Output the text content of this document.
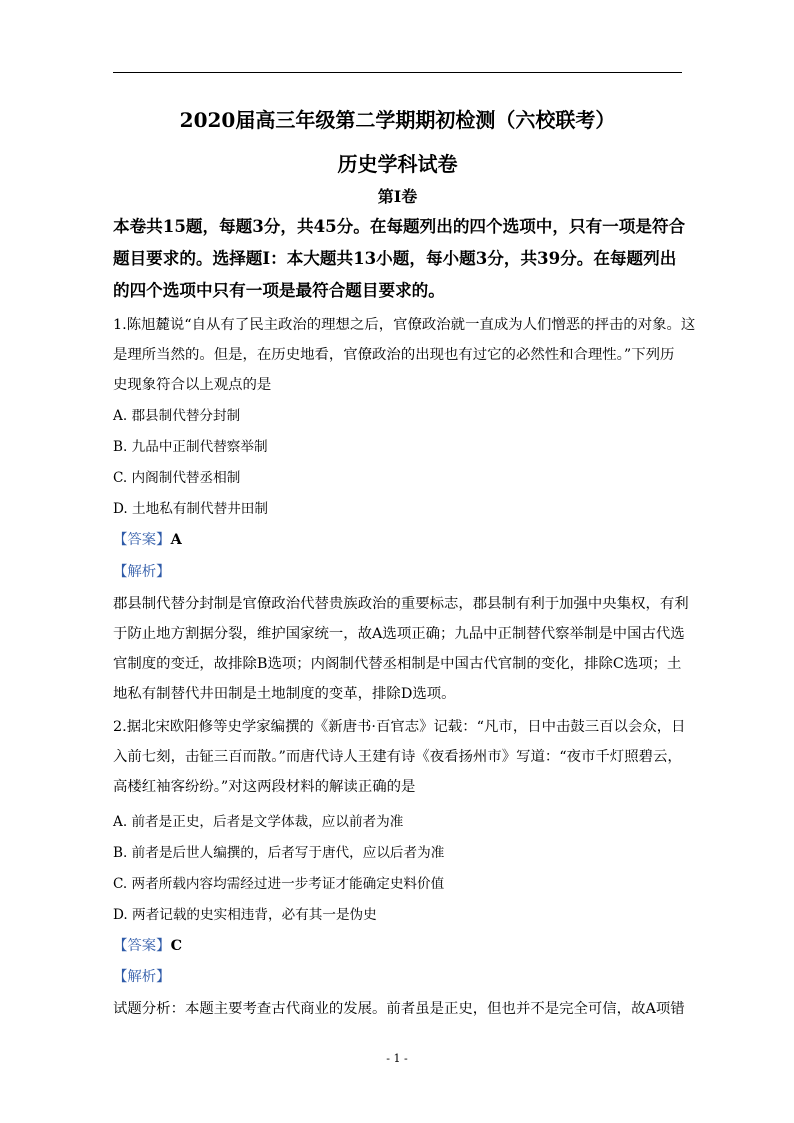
2020届高三年级第二学期期初检测（六校联考）
历史学科试卷
第Ⅰ卷
本卷共15题，每题3分，共45分。在每题列出的四个选项中，只有一项是符合
题目要求的。选择题Ⅰ：本大题共13小题，每小题3分，共39分。在每题列出
的四个选项中只有一项是最符合题目要求的。
1.陈旭麓说“自从有了民主政治的理想之后，官僚政治就一直成为人们憎恶的抨击的对象。这
是理所当然的。但是，在历史地看，官僚政治的出现也有过它的必然性和合理性。”下列历
史现象符合以上观点的是
A. 郡县制代替分封制
B. 九品中正制代替察举制
C. 内阁制代替丞相制
D. 土地私有制代替井田制
【答案】A
【解析】
郡县制代替分封制是官僚政治代替贵族政治的重要标志，郡县制有利于加强中央集权，有利
于防止地方割据分裂，维护国家统一，故A选项正确；九品中正制替代察举制是中国古代选
官制度的变迁，故排除B选项；内阁制代替丞相制是中国古代官制的变化，排除C选项；土
地私有制替代井田制是土地制度的变革，排除D选项。
2.据北宋欧阳修等史学家编撰的《新唐书·百官志》记载：“凡市，日中击鼓三百以会众，日
入前七刻，击钲三百而散。”而唐代诗人王建有诗《夜看扬州市》写道：“夜市千灯照碧云，
高楼红袖客纷纷。”对这两段材料的解读正确的是
A. 前者是正史，后者是文学体裁，应以前者为准
B. 前者是后世人编撰的，后者写于唐代，应以后者为准
C. 两者所载内容均需经过进一步考证才能确定史料价值
D. 两者记载的史实相违背，必有其一是伪史
【答案】C
【解析】
试题分析：本题主要考查古代商业的发展。前者虽是正史，但也并不是完全可信，故A项错
- 1 -
